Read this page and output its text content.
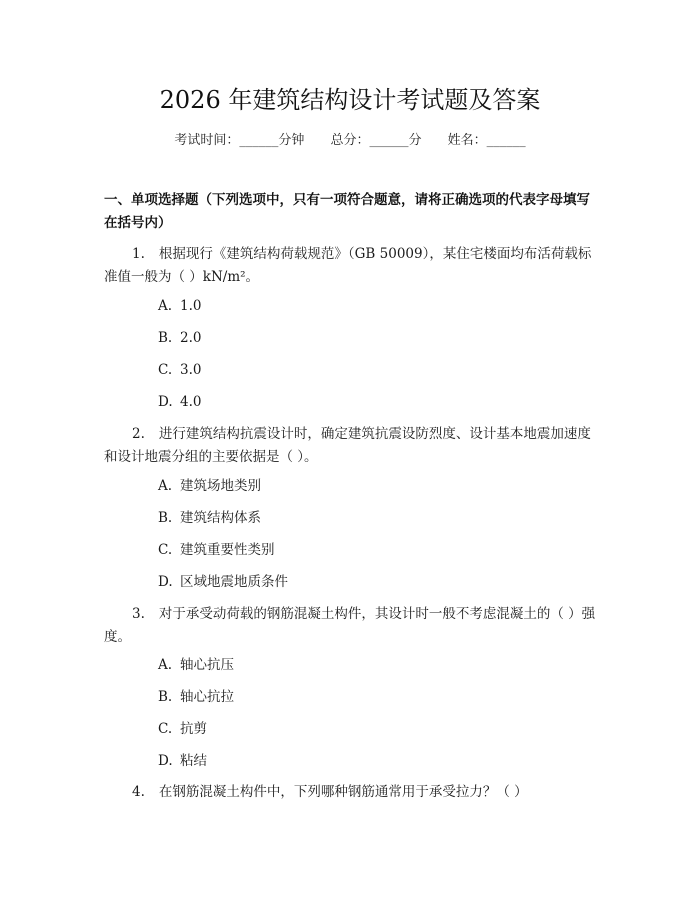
2026 年建筑结构设计考试题及答案
考试时间：______分钟 总分：______分 姓名：______
一、单项选择题（下列选项中，只有一项符合题意，请将正确选项的代表字母填写在括号内）
1. 根据现行《建筑结构荷载规范》（GB 50009），某住宅楼面均布活荷载标准值一般为（ ）kN/m²。
A. 1.0
B. 2.0
C. 3.0
D. 4.0
2. 进行建筑结构抗震设计时，确定建筑抗震设防烈度、设计基本地震加速度和设计地震分组的主要依据是（ ）。
A. 建筑场地类别
B. 建筑结构体系
C. 建筑重要性类别
D. 区域地震地质条件
3. 对于承受动荷载的钢筋混凝土构件，其设计时一般不考虑混凝土的（ ）强度。
A. 轴心抗压
B. 轴心抗拉
C. 抗剪
D. 粘结
4. 在钢筋混凝土构件中，下列哪种钢筋通常用于承受拉力？（ ）
